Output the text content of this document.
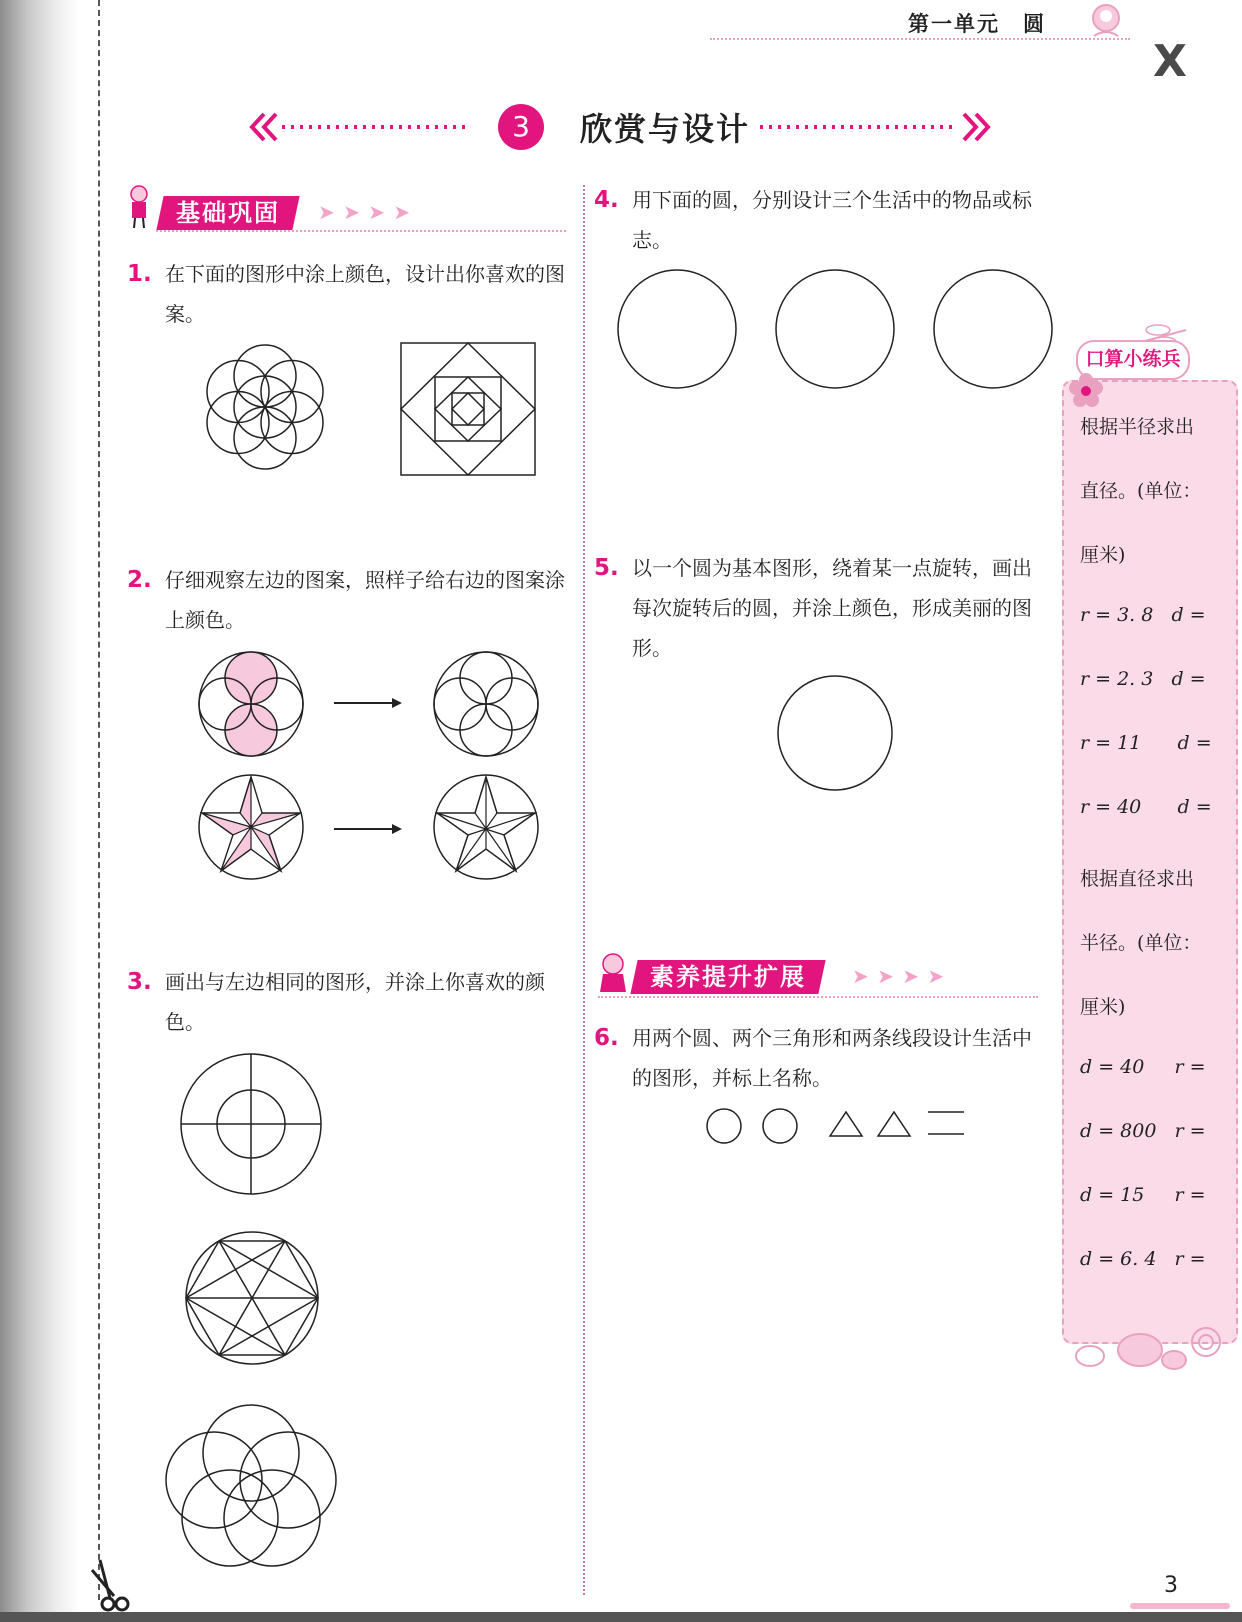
第一单元　圆
X
3	欣赏与设计
基础巩固	➤ ➤ ➤ ➤
1. 在下面的图形中涂上颜色，设计出你喜欢的图案。
2. 仔细观察左边的图案，照样子给右边的图案涂上颜色。
3. 画出与左边相同的图形，并涂上你喜欢的颜色。
4. 用下面的圆，分别设计三个生活中的物品或标志。
5. 以一个圆为基本图形，绕着某一点旋转，画出每次旋转后的圆，并涂上颜色，形成美丽的图形。
素养提升扩展	➤ ➤ ➤ ➤
6. 用两个圆、两个三角形和两条线段设计生活中的图形，并标上名称。
口算小练兵
根据半径求出
直径。(单位：
厘米)
r = 3. 8 d =
r = 2. 3 d =
r = 11 d =
r = 40 d =
根据直径求出
半径。(单位：
厘米)
d = 40 r =
d = 800 r =
d = 15 r =
d = 6. 4 r =
3
